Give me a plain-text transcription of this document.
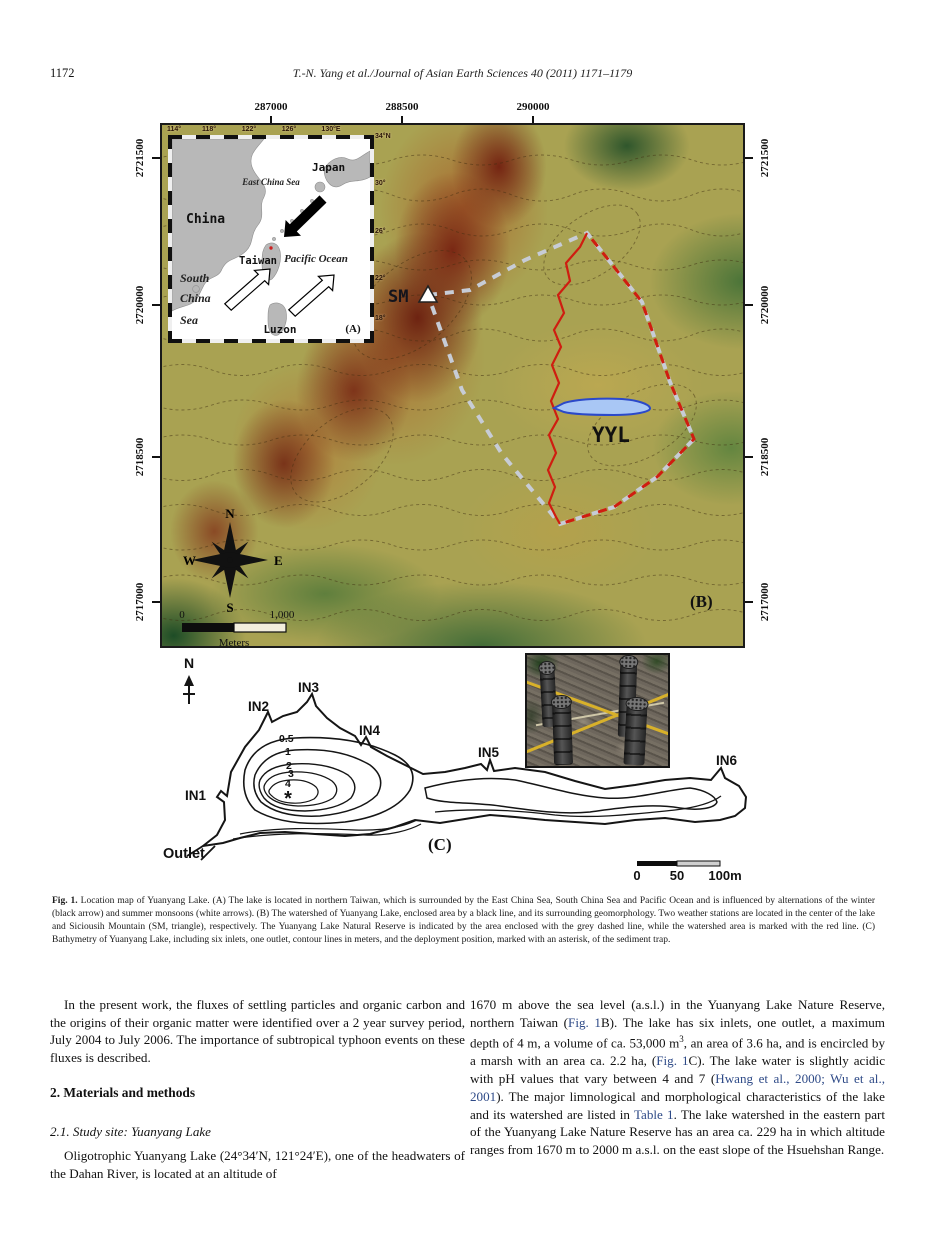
1172	T.-N. Yang et al./Journal of Asian Earth Sciences 40 (2011) 1171–1179
287000	288500	290000
2721500
2720000
2718500
2717000
2721500
2720000
2718500
2717000
SM
YYL
(B)
N
E
S
W
0	1,000
Meters
114°	118°	122°	126°	130°E
34°N
30°
26°
22°
18°
Japan
East China Sea
China
Taiwan Pacific Ocean
South
China
Sea
Luzon	(A)
N
IN1
IN2
IN3
IN4
IN5
IN6
Outlet
0.5
1
2
3
4
*
(C)
0 50 100m

Fig. 1. Location map of Yuanyang Lake. (A) The lake is located in northern Taiwan, which is surrounded by the East China Sea, South China Sea and Pacific Ocean and is influenced by alternations of the winter (black arrow) and summer monsoons (white arrows). (B) The watershed of Yuanyang Lake, enclosed area by a black line, and its surrounding geomorphology. Two weather stations are located in the center of the lake and Siciousih Mountain (SM, triangle), respectively. The Yuanyang Lake Natural Reserve is indicated by the area enclosed with the grey dashed line, while the watershed area is marked with the red line. (C) Bathymetry of Yuanyang Lake, including six inlets, one outlet, contour lines in meters, and the deployment position, marked with an asterisk, of the sediment trap.

In the present work, the fluxes of settling particles and organic carbon and the origins of their organic matter were identified over a 2 year survey period, July 2004 to July 2006. The importance of subtropical typhoon events on these fluxes is described.

2. Materials and methods
2.1. Study site: Yuanyang Lake

Oligotrophic Yuanyang Lake (24°34′N, 121°24′E), one of the headwaters of the Dahan River, is located at an altitude of

1670 m above the sea level (a.s.l.) in the Yuanyang Lake Nature Reserve, northern Taiwan (Fig. 1B). The lake has six inlets, one outlet, a maximum depth of 4 m, a volume of ca. 53,000 $m^3$, an area of 3.6 ha, and is encircled by a marsh with an area ca. 2.2 ha, (Fig. 1C). The lake water is slightly acidic with pH values that vary between 4 and 7 (Hwang et al., 2000; Wu et al., 2001). The major limnological and morphological characteristics of the lake and its watershed are listed in Table 1. The lake watershed in the eastern part of the Yuanyang Lake Nature Reserve has an area ca. 229 ha in which altitude ranges from 1670 m to 2000 m a.s.l. on the east slope of the Hsuehshan Range.
